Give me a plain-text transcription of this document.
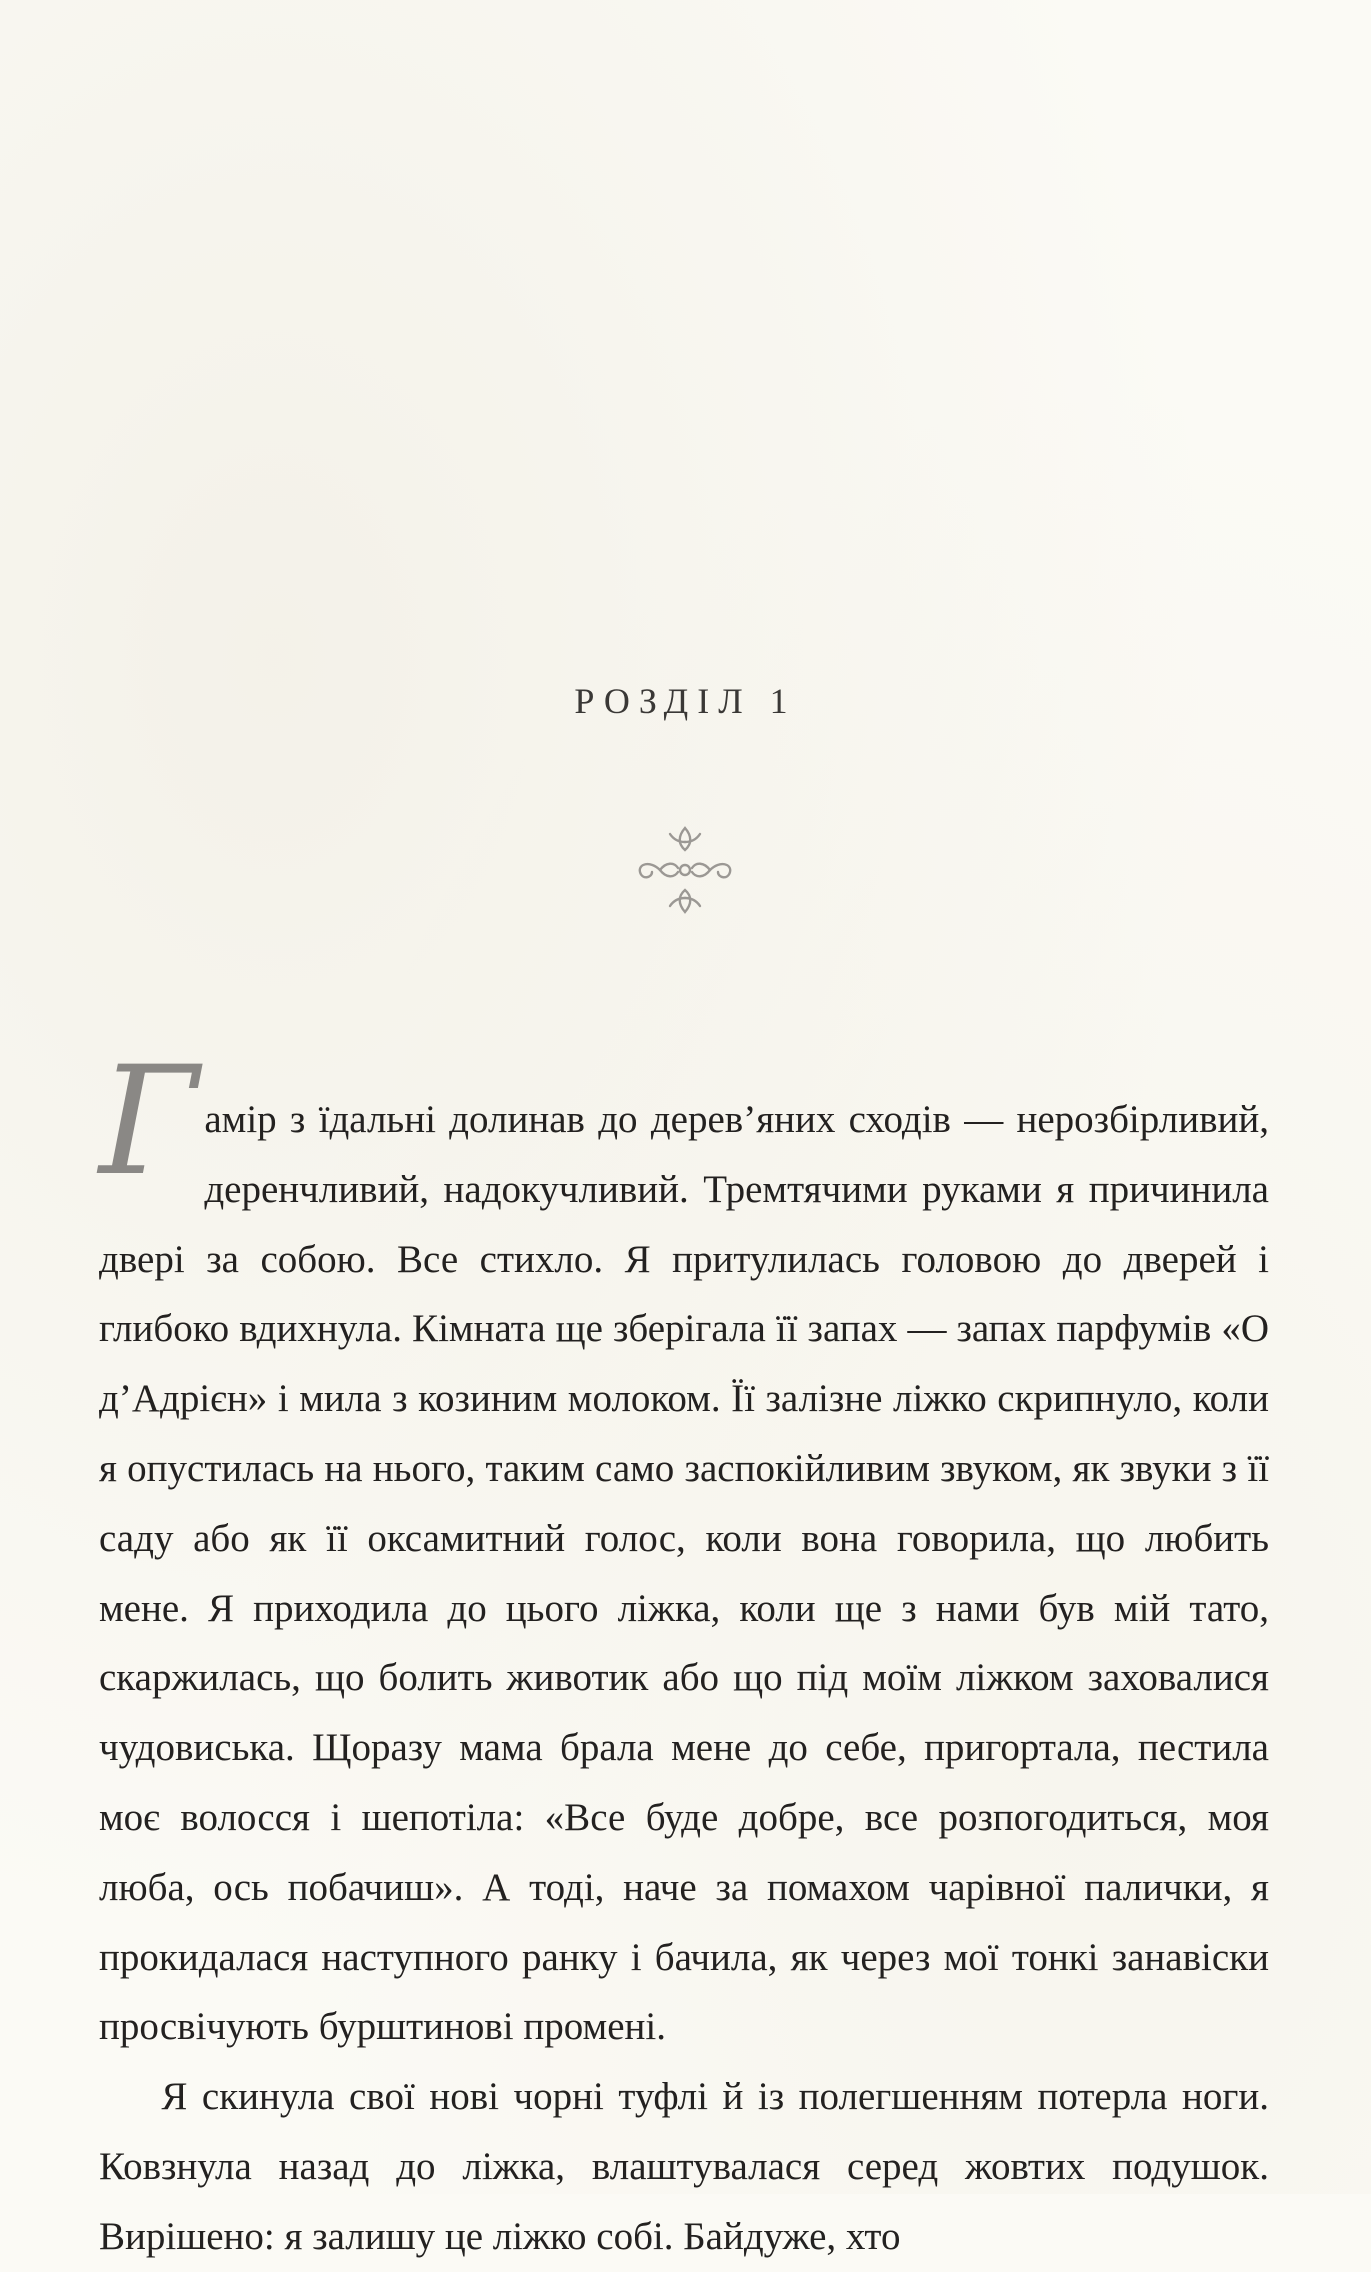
РОЗДІЛ 1

Гамір з їдальні долинав до дерев’яних сходів — нерозбірливий, деренчливий, надокучливий. Тремтячими руками я причинила двері за собою. Все стихло. Я притулилась головою до дверей і глибоко вдихнула. Кімната ще зберігала її запах — запах парфумів «О д’Адрієн» і мила з козиним молоком. Її залізне ліжко скрипнуло, коли я опустилась на нього, таким само заспокійливим звуком, як звуки з її саду або як її оксамитний голос, коли вона говорила, що любить мене. Я приходила до цього ліжка, коли ще з нами був мій тато, скаржилась, що болить животик або що під моїм ліжком заховалися чудовиська. Щоразу мама брала мене до себе, пригортала, пестила моє волосся і шепотіла: «Все буде добре, все розпогодиться, моя люба, ось побачиш». А тоді, наче за помахом чарівної палички, я прокидалася наступного ранку і бачила, як через мої тонкі занавіски просвічують бурштинові промені.

Я скинула свої нові чорні туфлі й із полегшенням потерла ноги. Ковзнула назад до ліжка, влаштувалася серед жовтих подушок. Вирішено: я залишу це ліжко собі. Байдуже, хто
